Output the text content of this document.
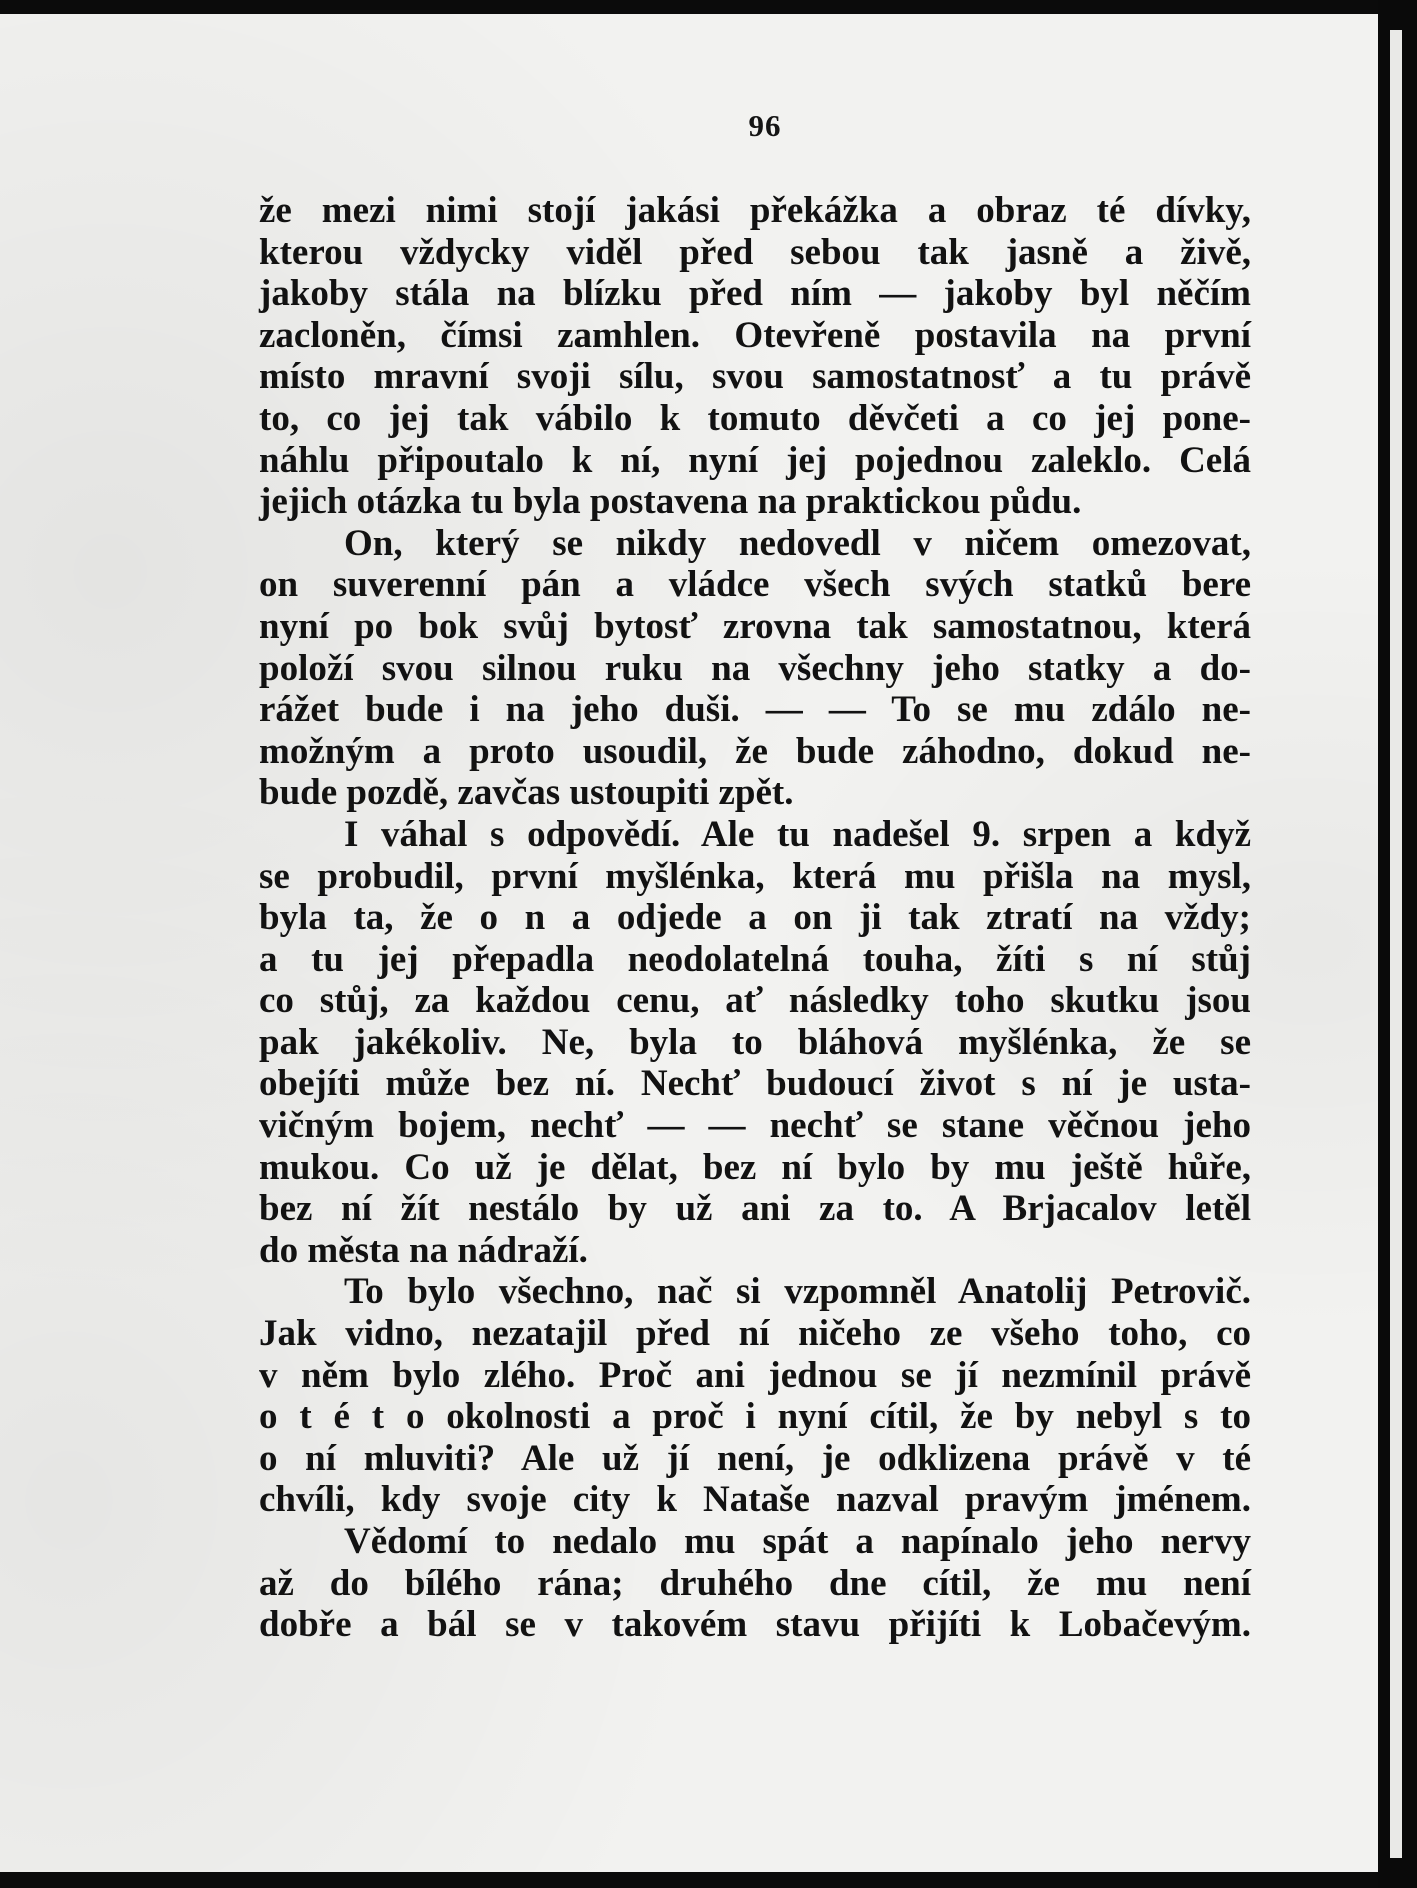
96
že mezi nimi stojí jakási překážka a obraz té dívky,
kterou vždycky viděl před sebou tak jasně a živě,
jakoby stála na blízku před ním — jakoby byl něčím
zacloněn, čímsi zamhlen. Otevřeně postavila na první
místo mravní svoji sílu, svou samostatnosť a tu právě
to, co jej tak vábilo k tomuto děvčeti a co jej pone-
náhlu připoutalo k ní, nyní jej pojednou zaleklo. Celá
jejich otázka tu byla postavena na praktickou půdu.
On, který se nikdy nedovedl v ničem omezovat,
on suverenní pán a vládce všech svých statků bere
nyní po bok svůj bytosť zrovna tak samostatnou, která
položí svou silnou ruku na všechny jeho statky a do-
rážet bude i na jeho duši. — — To se mu zdálo ne-
možným a proto usoudil, že bude záhodno, dokud ne-
bude pozdě, zavčas ustoupiti zpět.
I váhal s odpovědí. Ale tu nadešel 9. srpen a když
se probudil, první myšlénka, která mu přišla na mysl,
byla ta, že o n a odjede a on ji tak ztratí na vždy;
a tu jej přepadla neodolatelná touha, žíti s ní stůj
co stůj, za každou cenu, ať následky toho skutku jsou
pak jakékoliv. Ne, byla to bláhová myšlénka, že se
obejíti může bez ní. Nechť budoucí život s ní je usta-
vičným bojem, nechť — — nechť se stane věčnou jeho
mukou. Co už je dělat, bez ní bylo by mu ještě hůře,
bez ní žít nestálo by už ani za to. A Brjacalov letěl
do města na nádraží.
To bylo všechno, nač si vzpomněl Anatolij Petrovič.
Jak vidno, nezatajil před ní ničeho ze všeho toho, co
v něm bylo zlého. Proč ani jednou se jí nezmínil právě
o t é t o okolnosti a proč i nyní cítil, že by nebyl s to
o ní mluviti? Ale už jí není, je odklizena právě v té
chvíli, kdy svoje city k Nataše nazval pravým jménem.
Vědomí to nedalo mu spát a napínalo jeho nervy
až do bílého rána; druhého dne cítil, že mu není
dobře a bál se v takovém stavu přijíti k Lobačevým.
